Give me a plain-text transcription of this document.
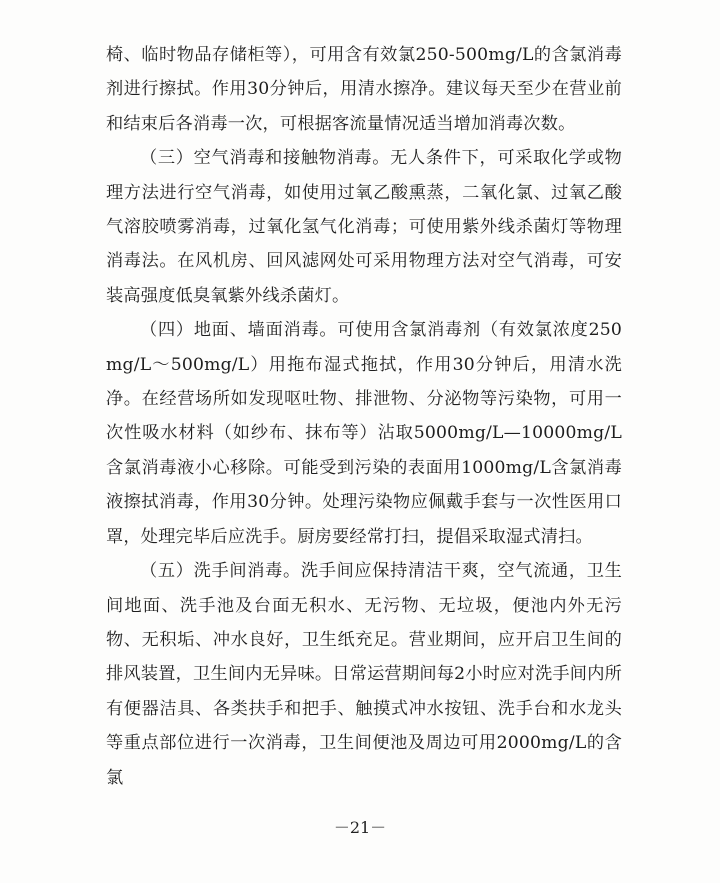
椅、临时物品存储柜等），可用含有效氯250-500mg/L的含氯消毒剂进行擦拭。作用30分钟后，用清水擦净。建议每天至少在营业前和结束后各消毒一次，可根据客流量情况适当增加消毒次数。

（三）空气消毒和接触物消毒。无人条件下，可采取化学或物理方法进行空气消毒，如使用过氧乙酸熏蒸，二氧化氯、过氧乙酸气溶胶喷雾消毒，过氧化氢气化消毒；可使用紫外线杀菌灯等物理消毒法。在风机房、回风滤网处可采用物理方法对空气消毒，可安装高强度低臭氧紫外线杀菌灯。

（四）地面、墙面消毒。可使用含氯消毒剂（有效氯浓度250mg/L～500mg/L）用拖布湿式拖拭，作用30分钟后，用清水洗净。在经营场所如发现呕吐物、排泄物、分泌物等污染物，可用一次性吸水材料（如纱布、抹布等）沾取5000mg/L—10000mg/L含氯消毒液小心移除。可能受到污染的表面用1000mg/L含氯消毒液擦拭消毒，作用30分钟。处理污染物应佩戴手套与一次性医用口罩，处理完毕后应洗手。厨房要经常打扫，提倡采取湿式清扫。

（五）洗手间消毒。洗手间应保持清洁干爽，空气流通，卫生间地面、洗手池及台面无积水、无污物、无垃圾，便池内外无污物、无积垢、冲水良好，卫生纸充足。营业期间，应开启卫生间的排风装置，卫生间内无异味。日常运营期间每2小时应对洗手间内所有便器洁具、各类扶手和把手、触摸式冲水按钮、洗手台和水龙头等重点部位进行一次消毒，卫生间便池及周边可用2000mg/L的含氯

－21－
